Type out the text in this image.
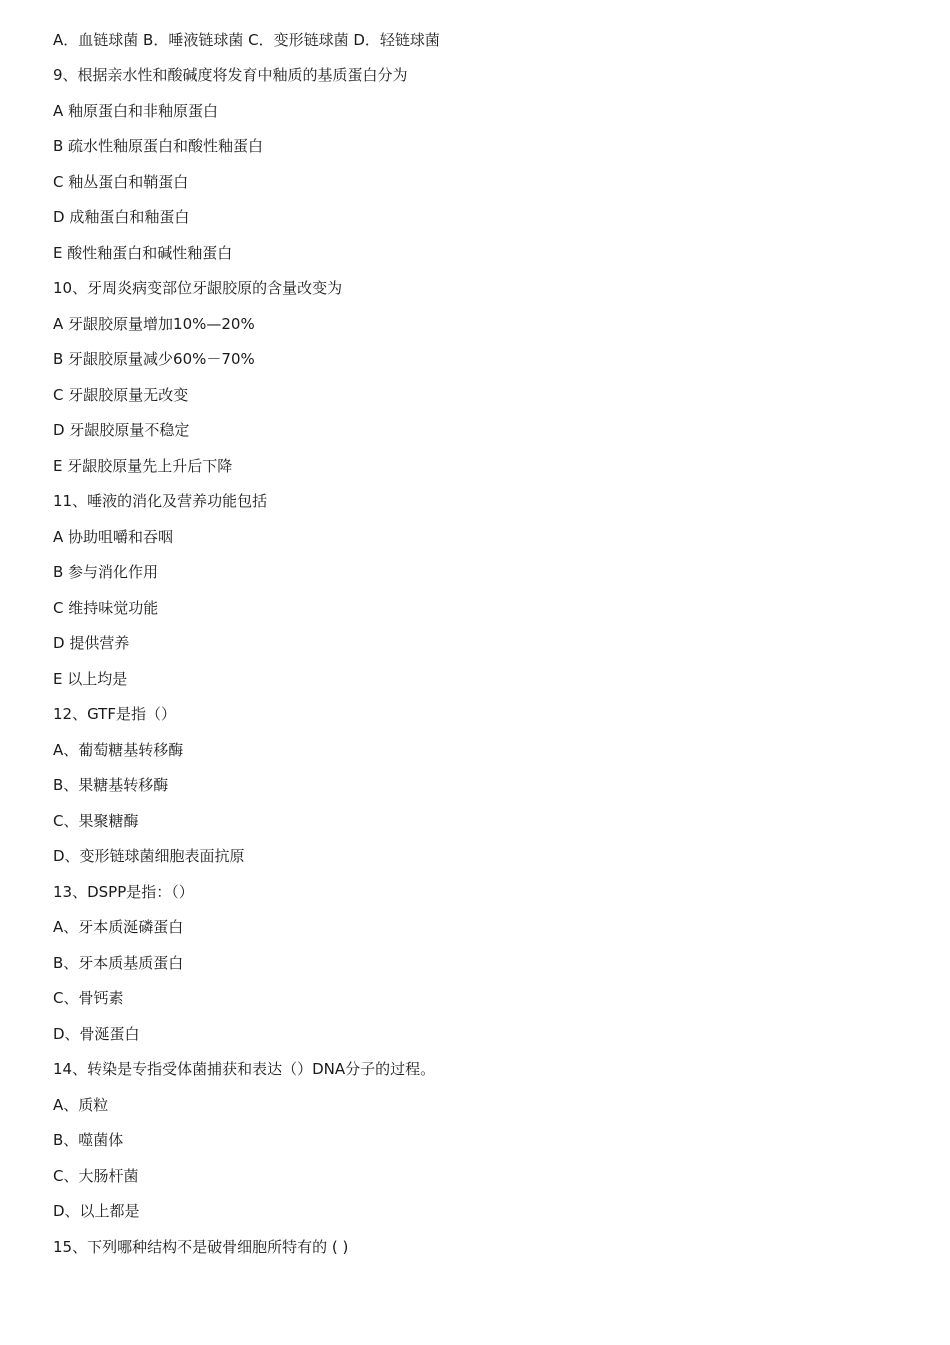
A．血链球菌 B．唾液链球菌 C．变形链球菌 D．轻链球菌

9、根据亲水性和酸碱度将发育中釉质的基质蛋白分为

A 釉原蛋白和非釉原蛋白

B 疏水性釉原蛋白和酸性釉蛋白

C 釉丛蛋白和鞘蛋白

D 成釉蛋白和釉蛋白

E 酸性釉蛋白和碱性釉蛋白

10、牙周炎病变部位牙龈胶原的含量改变为

A 牙龈胶原量增加10%—20%

B 牙龈胶原量减少60%－70%

C 牙龈胶原量无改变

D 牙龈胶原量不稳定

E 牙龈胶原量先上升后下降

11、唾液的消化及营养功能包括

A 协助咀嚼和吞咽

B 参与消化作用

C 维持味觉功能

D 提供营养

E 以上均是

12、GTF是指（）

A、葡萄糖基转移酶

B、果糖基转移酶

C、果聚糖酶

D、变形链球菌细胞表面抗原

13、DSPP是指：（）

A、牙本质涎磷蛋白

B、牙本质基质蛋白

C、骨钙素

D、骨涎蛋白

14、转染是专指受体菌捕获和表达（）DNA分子的过程。

A、质粒

B、噬菌体

C、大肠杆菌

D、以上都是

15、下列哪种结构不是破骨细胞所特有的 ( )
